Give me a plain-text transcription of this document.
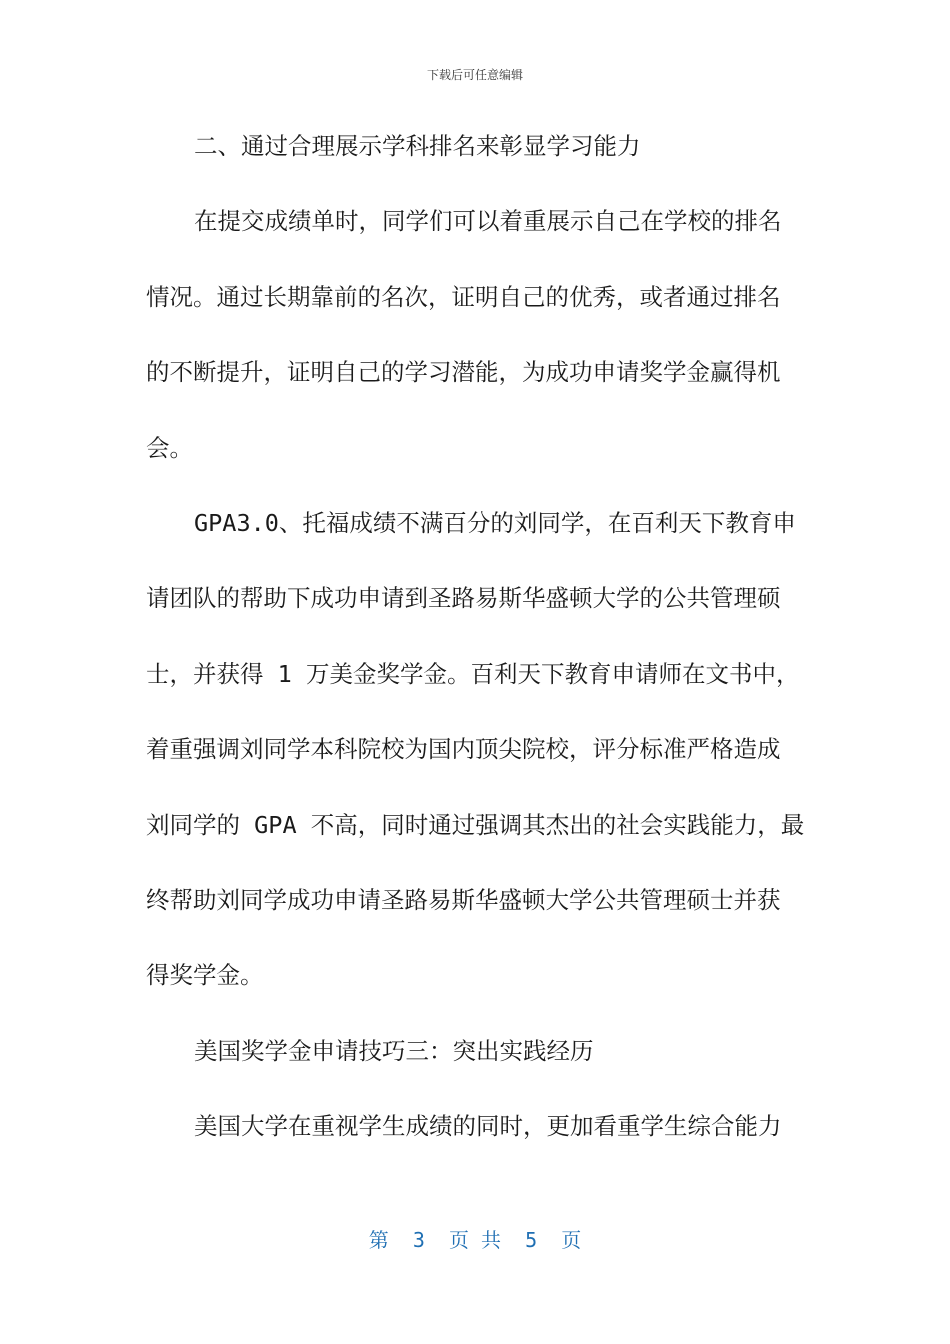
下载后可任意编辑
二、通过合理展示学科排名来彰显学习能力
在提交成绩单时，同学们可以着重展示自己在学校的排名
情况。通过长期靠前的名次，证明自己的优秀，或者通过排名
的不断提升，证明自己的学习潜能，为成功申请奖学金赢得机
会。
GPA3.0、托福成绩不满百分的刘同学，在百利天下教育申
请团队的帮助下成功申请到圣路易斯华盛顿大学的公共管理硕
士，并获得 1 万美金奖学金。百利天下教育申请师在文书中，
着重强调刘同学本科院校为国内顶尖院校，评分标准严格造成
刘同学的 GPA 不高，同时通过强调其杰出的社会实践能力，最
终帮助刘同学成功申请圣路易斯华盛顿大学公共管理硕士并获
得奖学金。
美国奖学金申请技巧三：突出实践经历
美国大学在重视学生成绩的同时，更加看重学生综合能力
第  3  页 共  5  页
